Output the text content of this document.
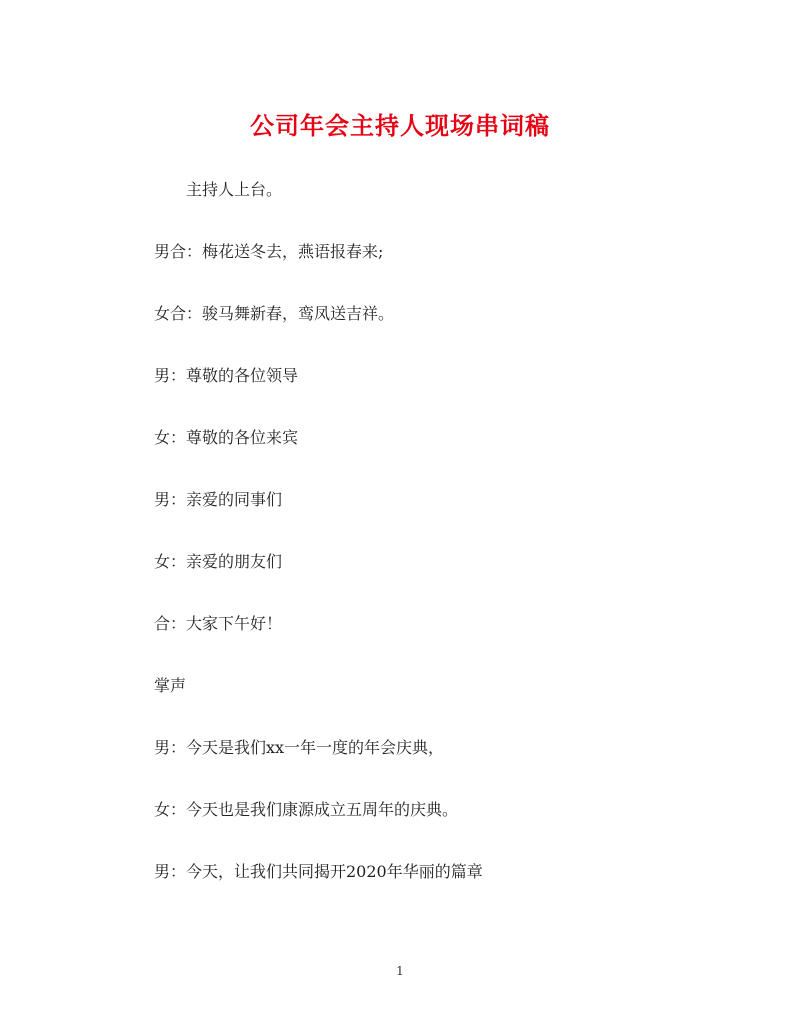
公司年会主持人现场串词稿
主持人上台。
男合：梅花送冬去，燕语报春来;
女合：骏马舞新春，鸾凤送吉祥。
男：尊敬的各位领导
女：尊敬的各位来宾
男：亲爱的同事们
女：亲爱的朋友们
合：大家下午好！
掌声
男：今天是我们xx一年一度的年会庆典，
女：今天也是我们康源成立五周年的庆典。
男：今天，让我们共同揭开2020年华丽的篇章
1
